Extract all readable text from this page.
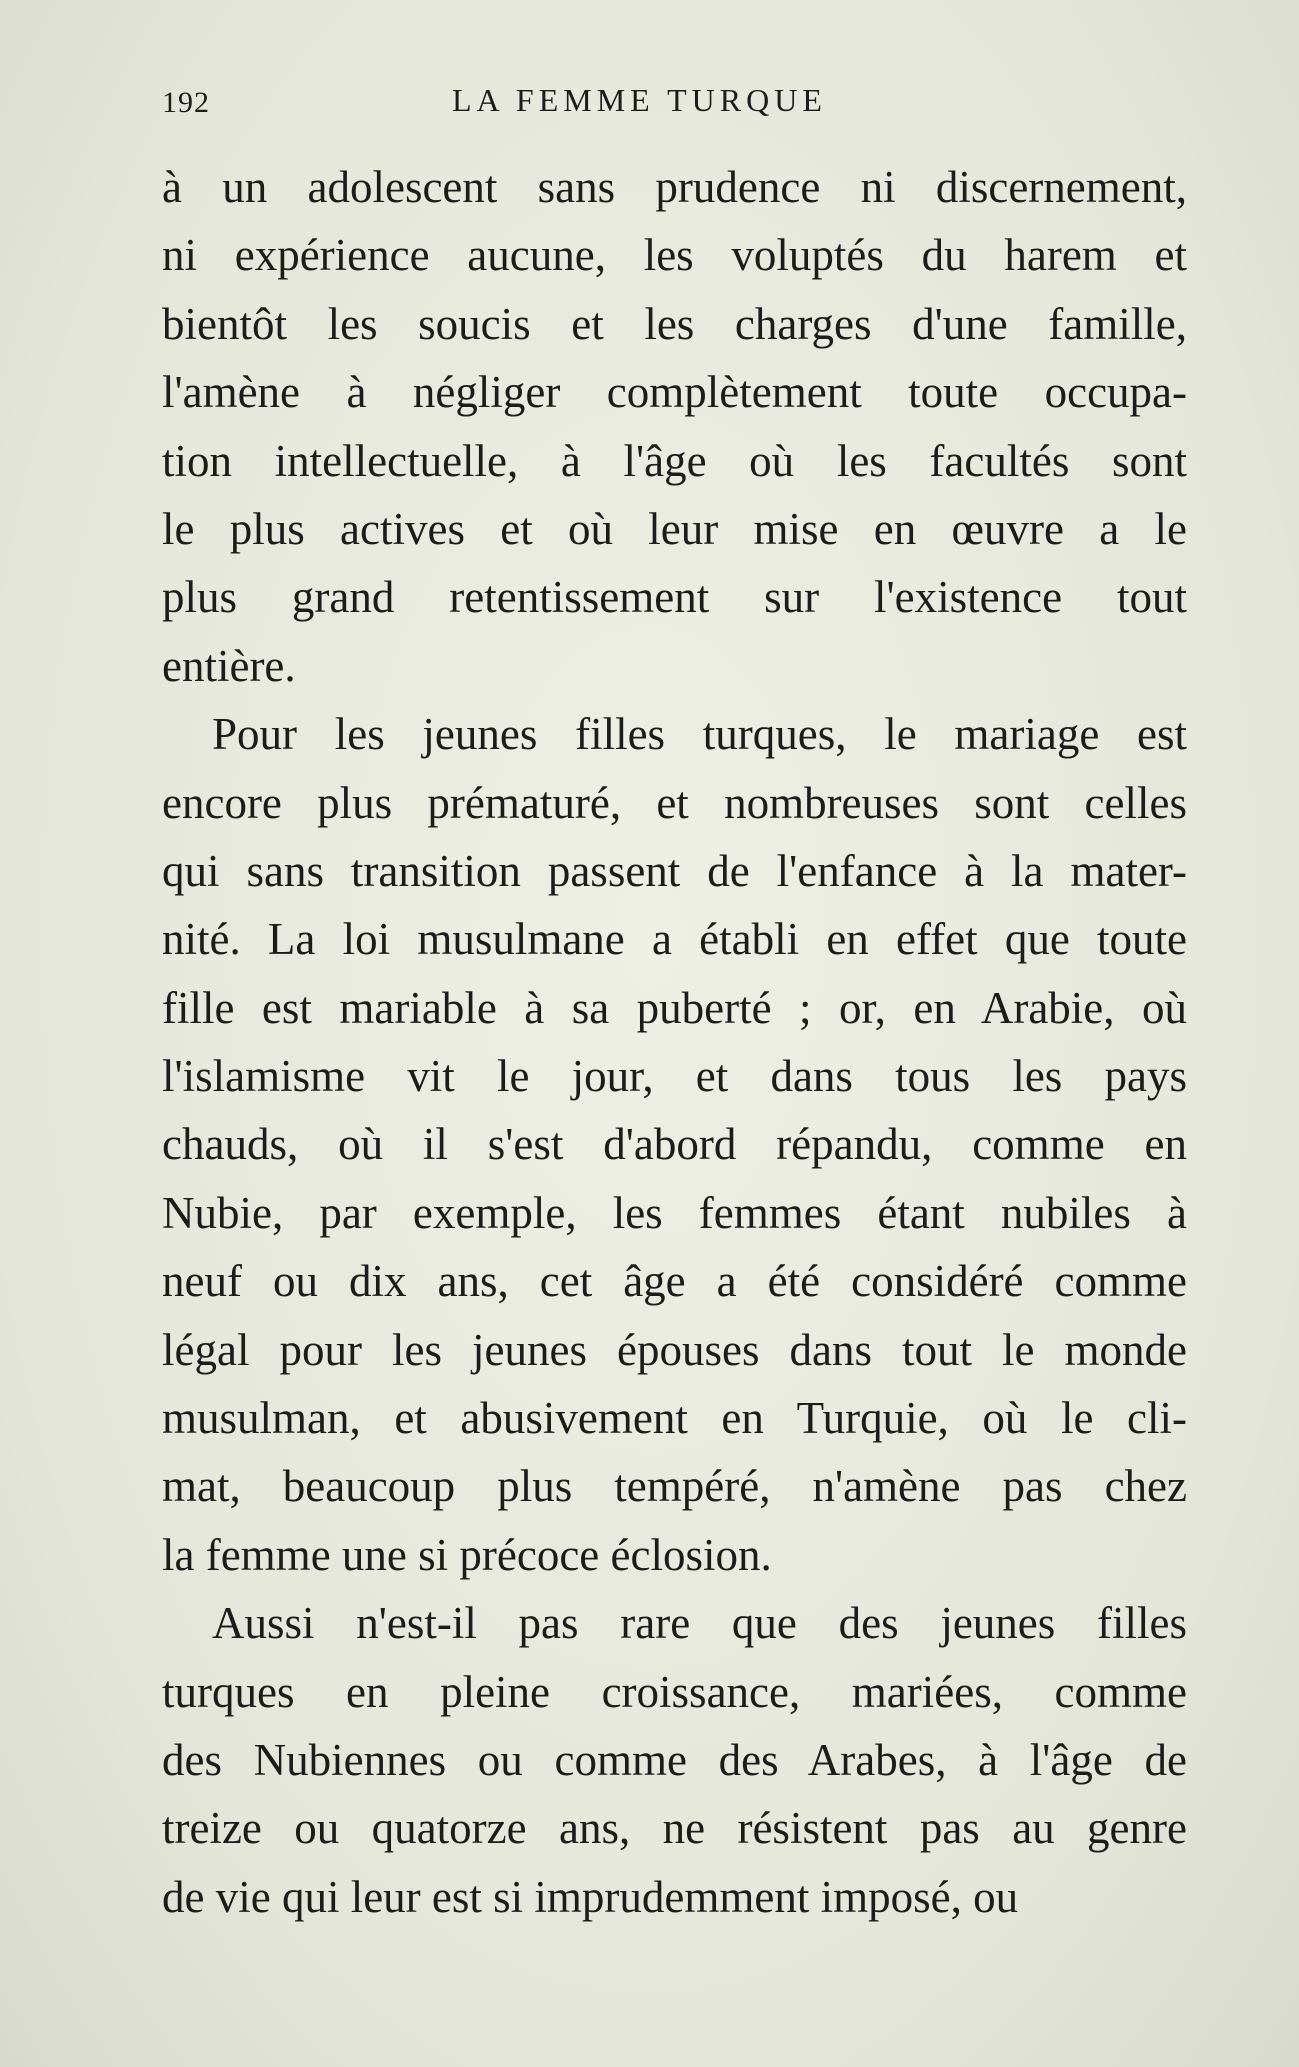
192	LA FEMME TURQUE
à un adolescent sans prudence ni discernement,
ni expérience aucune, les voluptés du harem et
bientôt les soucis et les charges d'une famille,
l'amène à négliger complètement toute occupa-
tion intellectuelle, à l'âge où les facultés sont
le plus actives et où leur mise en œuvre a le
plus grand retentissement sur l'existence tout
entière.
Pour les jeunes filles turques, le mariage est
encore plus prématuré, et nombreuses sont celles
qui sans transition passent de l'enfance à la mater-
nité. La loi musulmane a établi en effet que toute
fille est mariable à sa puberté ; or, en Arabie, où
l'islamisme vit le jour, et dans tous les pays
chauds, où il s'est d'abord répandu, comme en
Nubie, par exemple, les femmes étant nubiles à
neuf ou dix ans, cet âge a été considéré comme
légal pour les jeunes épouses dans tout le monde
musulman, et abusivement en Turquie, où le cli-
mat, beaucoup plus tempéré, n'amène pas chez
la femme une si précoce éclosion.
Aussi n'est-il pas rare que des jeunes filles
turques en pleine croissance, mariées, comme
des Nubiennes ou comme des Arabes, à l'âge de
treize ou quatorze ans, ne résistent pas au genre
de vie qui leur est si imprudemment imposé, ou
